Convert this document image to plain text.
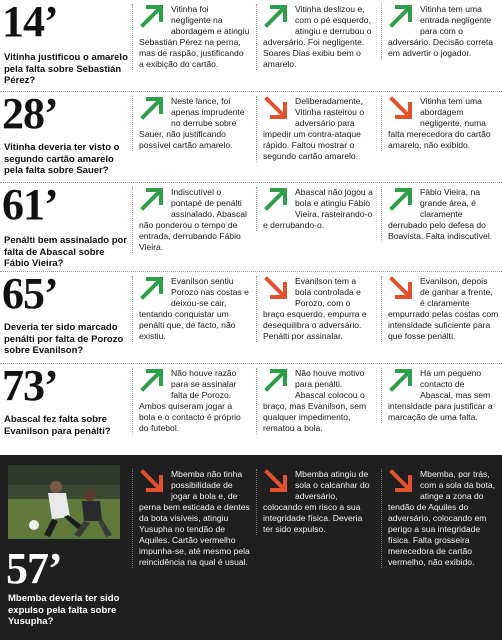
14’
Vitinha justificou o amarelo pela falta sobre Sebastián Pérez?
Vitinha foi negligente na abordagem e atingiu Sebastián Pérez na perna, mas de raspão, justificando a exibição do cartão.
Vitinha deslizou e, com o pé esquerdo, atingiu e derrubou o adversário. Foi negligente. Soares Dias exibiu bem o amarelo.
Vitinha tem uma entrada negligente para com o adversário. Decisão correta em advertir o jogador.
28’
Vitinha deveria ter visto o segundo cartão amarelo pela falta sobre Sauer?
Neste lance, foi apenas imprudente no derrube sobre Sauer, não justificando possível cartão amarelo.
Deliberadamente, Vitinha rasteirou o adversário para impedir um contra-ataque rápido. Faltou mostrar o segundo cartão amarelo.
Vitinha tem uma abordagem negligente, numa falta merecedora do cartão amarelo, não exibido.
61’
Penálti bem assinalado por falta de Abascal sobre Fábio Vieira?
Indiscutível o pontapé de penálti assinalado. Abascal não ponderou o tempo de entrada, derrubando Fábio Vieira.
Abascal não jogou a bola e atingiu Fábio Vieira, rasteirando-o e derrubando-o.
Fábio Vieira, na grande área, é claramente derrubado pelo defesa do Boavista. Falta indiscutível.
65’
Deveria ter sido marcado penálti por falta de Porozo sobre Evanilson?
Evanilson sentiu Porozo nas costas e deixou-se cair, tentando conquistar um penálti que, de facto, não existiu.
Evanilson tem a bola controlada e Porozo, com o braço esquerdo, empurra e desequilibra o adversário. Penálti por assinalar.
Evanilson, depois de ganhar a frente, é claramente empurrado pelas costas com intensidade suficiente para que fosse penálti.
73’
Abascal fez falta sobre Evanilson para penálti?
Não houve razão para se assinalar falta de Porozo. Ambos quiseram jogar a bola e o contacto é próprio do futebol.
Não houve motivo para penálti. Abascal colocou o braço, mas Evanilson, sem qualquer impedimento, rematou a bola.
Há um pequeno contacto de Abascal, mas sem intensidade para justificar a marcação de uma falta.
57’
Mbemba deveria ter sido expulso pela falta sobre Yusupha?
Mbemba não tinha possibilidade de jogar a bola e, de perna bem esticada e dentes da bota visíveis, atingiu Yusupha no tendão de Aquiles. Cartão vermelho impunha-se, até mesmo pela reincidência na qual é usual.
Mbemba atingiu de sola o calcanhar do adversário, colocando em risco a sua integridade física. Deveria ter sido expulso.
Mbemba, por trás, com a sola da bota, atinge a zona do tendão de Aquiles do adversário, colocando em perigo a sua integridade física. Falta grosseira merecedora de cartão vermelho, não exibido.
